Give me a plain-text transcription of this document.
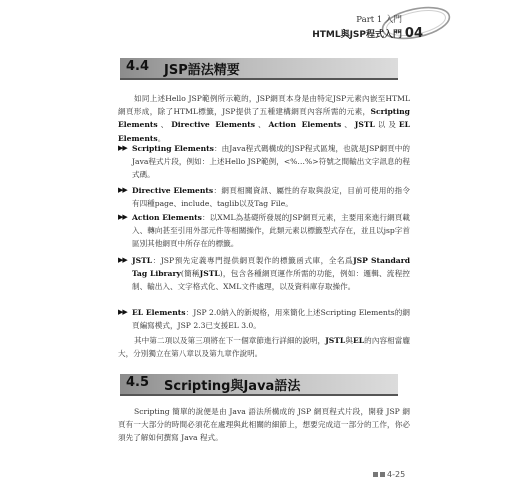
Part 1 入門
HTML與JSP程式入門 04
4.4 JSP語法精要
如同上述Hello JSP範例所示範的，JSP網頁本身是由特定JSP元素內嵌至HTML網頁形成，除了HTML標籤，JSP提供了五種建構網頁內容所需的元素，Scripting Elements、Directive Elements、Action Elements、JSTL以及EL Elements。
▶▶ Scripting Elements：由Java程式碼構成的JSP程式區塊，也就是JSP網頁中的Java程式片段，例如：上述Hello JSP範例，<%…%>符號之間輸出文字訊息的程式碼。
▶▶ Directive Elements：網頁相關資訊、屬性的存取與設定，目前可使用的指令有四種page、include、taglib以及Tag File。
▶▶ Action Elements：以XML為基礎所發展的JSP網頁元素，主要用來進行網頁載入、轉向甚至引用外部元件等相關操作，此類元素以標籤型式存在，並且以jsp字首區別其他網頁中所存在的標籤。
▶▶ JSTL：JSP預先定義專門提供網頁製作的標籤函式庫，全名爲JSP Standard Tag Library(簡稱JSTL)，包含各種網頁運作所需的功能，例如：邏輯、流程控制、輸出入、文字格式化、XML文件處理，以及資料庫存取操作。
▶▶ EL Elements：JSP 2.0納入的新規格，用來簡化上述Scripting Elements的網頁編寫模式，JSP 2.3已支援EL 3.0。
其中第二項以及第三項將在下一個章節進行詳細的說明，JSTL與EL的內容相當龐大，分別獨立在第八章以及第九章作說明。
4.5 Scripting與Java語法
Scripting 簡單的說便是由 Java 語法所構成的 JSP 網頁程式片段，開發 JSP 網頁有一大部分的時間必須花在處理與此相關的細節上，想要完成這一部分的工作，你必須先了解如何撰寫 Java 程式。
4-25
